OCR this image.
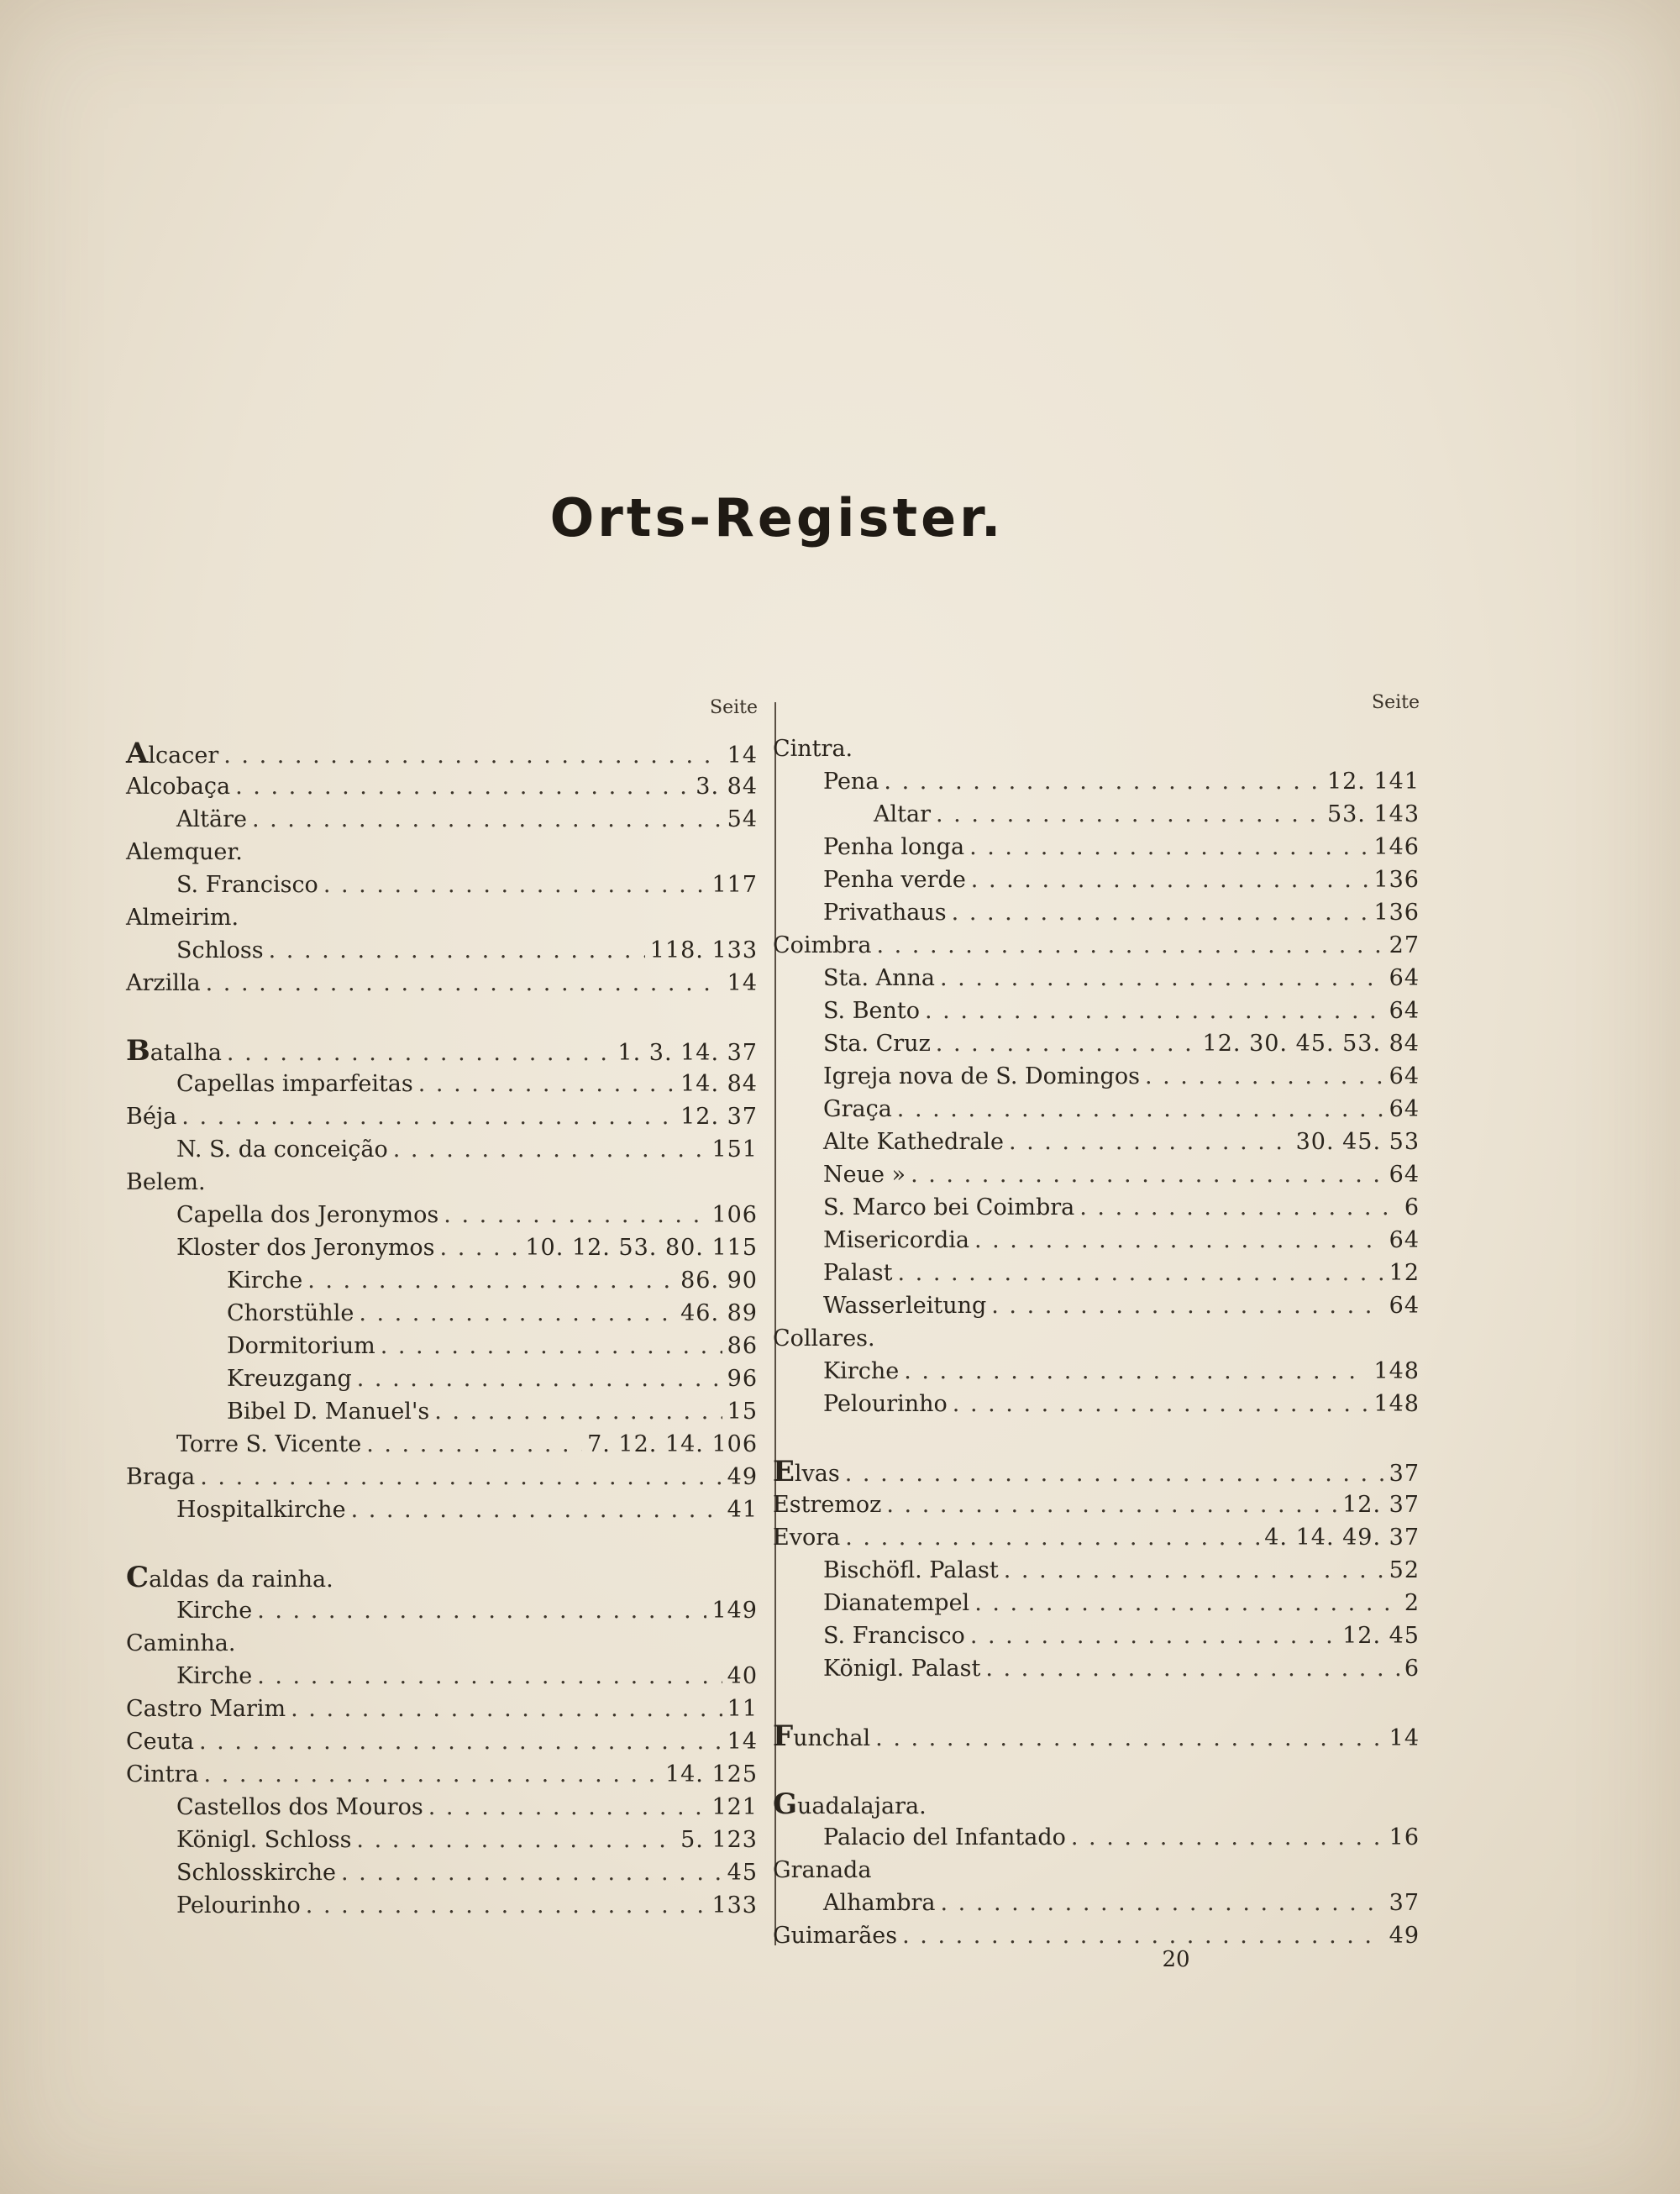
Orts-Register.
Seite
Alcacer . . .	14
Alcobaça . . .	3. 84
Altäre . . .	54
Alemquer.
S. Francisco . . .	117
Almeirim.
Schloss . . .	118. 133
Arzilla . . .	14
Batalha . . .	1. 3. 14. 37
Capellas imparfeitas . . .	14. 84
Béja . . .	12. 37
N. S. da conceição . . .	151
Belem.
Capella dos Jeronymos . . .	106
Kloster dos Jeronymos . . .	10. 12. 53. 80. 115
Kirche . . .	86. 90
Chorstühle . . .	46. 89
Dormitorium . . .	86
Kreuzgang . . .	96
Bibel D. Manuel's . . .	15
Torre S. Vicente . . .	7. 12. 14. 106
Braga . . .	49
Hospitalkirche . . .	41
Caldas da rainha.
Kirche . . .	149
Caminha.
Kirche . . .	40
Castro Marim . . .	11
Ceuta . . .	14
Cintra . . .	14. 125
Castellos dos Mouros . . .	121
Königl. Schloss . . .	5. 123
Schlosskirche . . .	45
Pelourinho . . .	133
Seite
Cintra.
Pena . . .	12. 141
Altar . . .	53. 143
Penha longa . . .	146
Penha verde . . .	136
Privathaus . . .	136
Coimbra . . .	27
Sta. Anna . . .	64
S. Bento . . .	64
Sta. Cruz . . .	12. 30. 45. 53. 84
Igreja nova de S. Domingos . . .	64
Graça . . .	64
Alte Kathedrale . . .	30. 45. 53
Neue » . . .	64
S. Marco bei Coimbra . . .	6
Misericordia . . .	64
Palast . . .	12
Wasserleitung . . .	64
Collares.
Kirche . . .	148
Pelourinho . . .	148
Elvas . . .	37
Estremoz . . .	12. 37
Evora . . .	4. 14. 49. 37
Bischöfl. Palast . . .	52
Dianatempel . . .	2
S. Francisco . . .	12. 45
Königl. Palast . . .	6
Funchal . . .	14
Guadalajara.
Palacio del Infantado . . .	16
Granada
Alhambra . . .	37
Guimarães . . .	49
20
